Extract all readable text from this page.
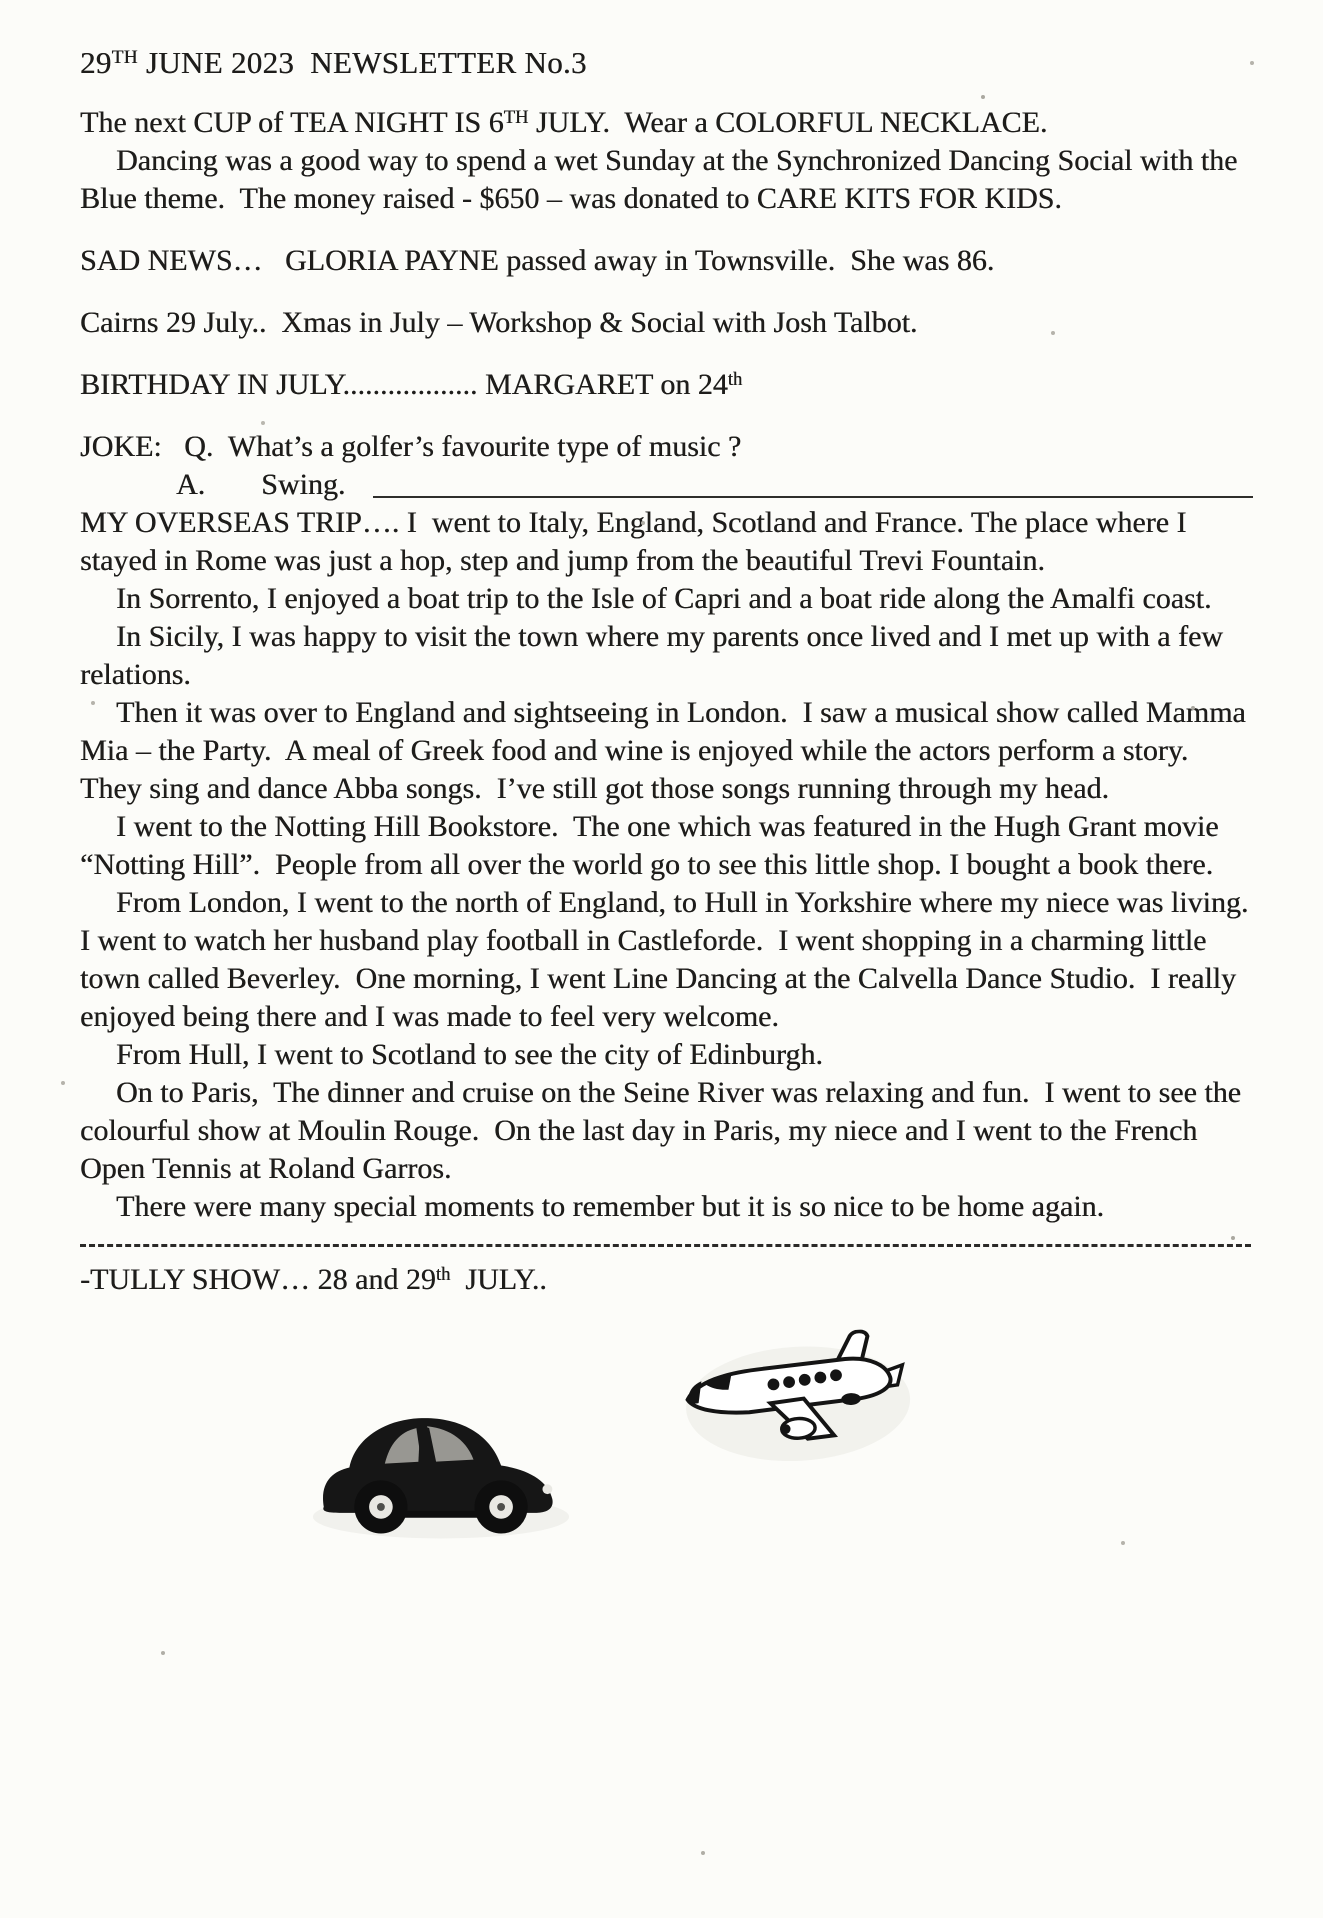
29TH JUNE 2023  NEWSLETTER No.3
The next CUP of TEA NIGHT IS 6TH JULY.  Wear a COLORFUL NECKLACE.
Dancing was a good way to spend a wet Sunday at the Synchronized Dancing Social with the Blue theme.  The money raised - $650 – was donated to CARE KITS FOR KIDS.
SAD NEWS…   GLORIA PAYNE passed away in Townsville.  She was 86.
Cairns 29 July..  Xmas in July – Workshop & Social with Josh Talbot.
BIRTHDAY IN JULY.................. MARGARET on 24th
JOKE:   Q.  What’s a golfer’s favourite type of music ?
A. Swing.
MY OVERSEAS TRIP…. I  went to Italy, England, Scotland and France. The place where I stayed in Rome was just a hop, step and jump from the beautiful Trevi Fountain.
In Sorrento, I enjoyed a boat trip to the Isle of Capri and a boat ride along the Amalfi coast.
In Sicily, I was happy to visit the town where my parents once lived and I met up with a few relations.
Then it was over to England and sightseeing in London.  I saw a musical show called Mamma Mia – the Party.  A meal of Greek food and wine is enjoyed while the actors perform a story.  They sing and dance Abba songs.  I’ve still got those songs running through my head.
I went to the Notting Hill Bookstore.  The one which was featured in the Hugh Grant movie “Notting Hill”.  People from all over the world go to see this little shop. I bought a book there.
From London, I went to the north of England, to Hull in Yorkshire where my niece was living.  I went to watch her husband play football in Castleforde.  I went shopping in a charming little town called Beverley.  One morning, I went Line Dancing at the Calvella Dance Studio.  I really enjoyed being there and I was made to feel very welcome.
From Hull, I went to Scotland to see the city of Edinburgh.
On to Paris,  The dinner and cruise on the Seine River was relaxing and fun.  I went to see the colourful show at Moulin Rouge.  On the last day in Paris, my niece and I went to the French Open Tennis at Roland Garros.
There were many special moments to remember but it is so nice to be home again.
-TULLY SHOW… 28 and 29th  JULY..
